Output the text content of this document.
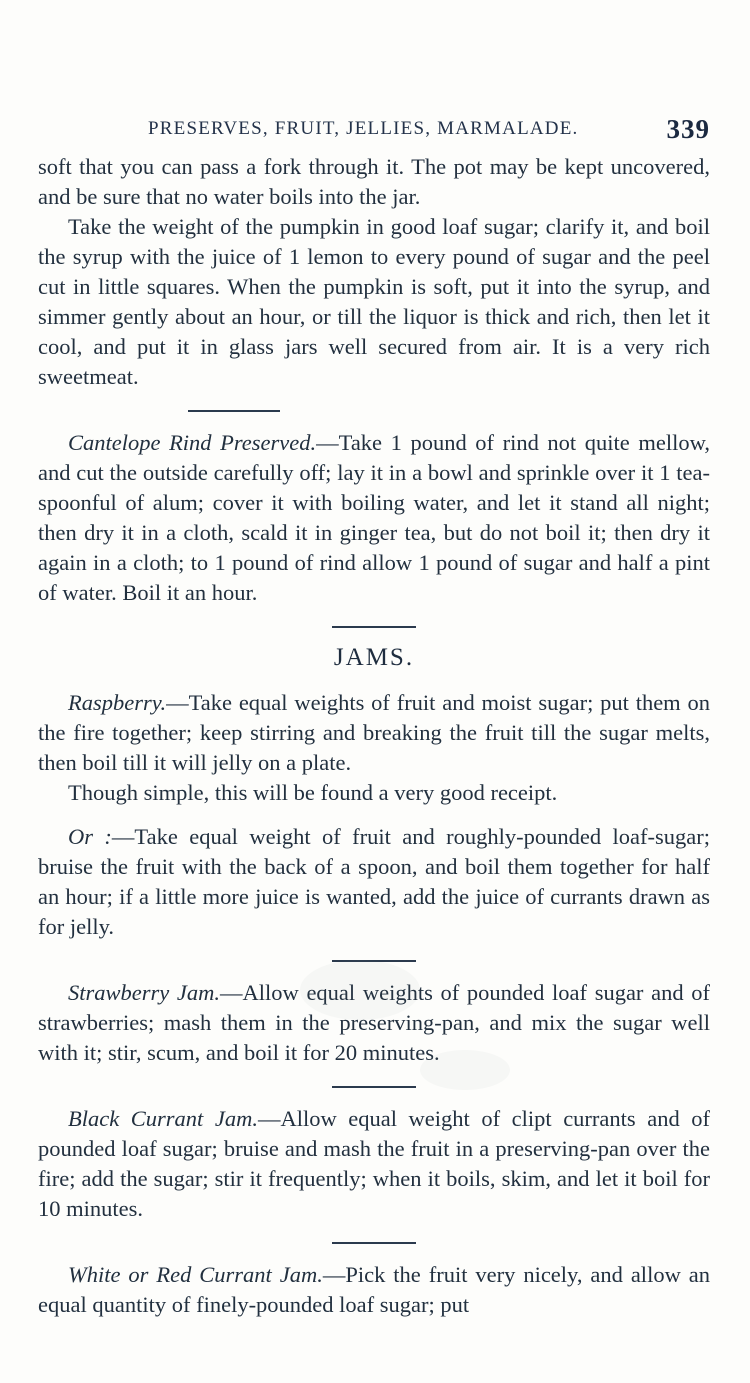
PRESERVES, FRUIT, JELLIES, MARMALADE.	339

soft that you can pass a fork through it. The pot may be kept uncovered, and be sure that no water boils into the jar.

Take the weight of the pumpkin in good loaf sugar; clarify it, and boil the syrup with the juice of 1 lemon to every pound of sugar and the peel cut in little squares. When the pumpkin is soft, put it into the syrup, and simmer gently about an hour, or till the liquor is thick and rich, then let it cool, and put it in glass jars well secured from air. It is a very rich sweetmeat.

Cantelope Rind Preserved.—Take 1 pound of rind not quite mellow, and cut the outside carefully off; lay it in a bowl and sprinkle over it 1 tea-spoonful of alum; cover it with boiling water, and let it stand all night; then dry it in a cloth, scald it in ginger tea, but do not boil it; then dry it again in a cloth; to 1 pound of rind allow 1 pound of sugar and half a pint of water. Boil it an hour.

JAMS.

Raspberry.—Take equal weights of fruit and moist sugar; put them on the fire together; keep stirring and breaking the fruit till the sugar melts, then boil till it will jelly on a plate.

Though simple, this will be found a very good receipt.

Or :—Take equal weight of fruit and roughly-pounded loaf-sugar; bruise the fruit with the back of a spoon, and boil them together for half an hour; if a little more juice is wanted, add the juice of currants drawn as for jelly.

Strawberry Jam.—Allow equal weights of pounded loaf sugar and of strawberries; mash them in the preserving-pan, and mix the sugar well with it; stir, scum, and boil it for 20 minutes.

Black Currant Jam.—Allow equal weight of clipt currants and of pounded loaf sugar; bruise and mash the fruit in a preserving-pan over the fire; add the sugar; stir it frequently; when it boils, skim, and let it boil for 10 minutes.

White or Red Currant Jam.—Pick the fruit very nicely, and allow an equal quantity of finely-pounded loaf sugar; put
